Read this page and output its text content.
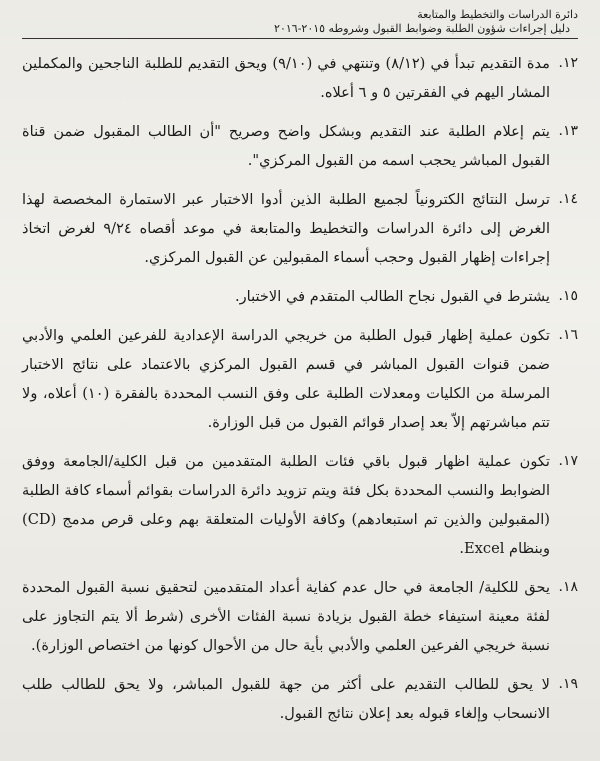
دليل إجراءات شؤون الطلبة وضوابط القبول وشروطه ٢٠١٥-٢٠١٦
دائرة الدراسات والتخطيط والمتابعة
١٢.
مدة التقديم تبدأ في (٨/١٢) وتنتهي في (٩/١٠) ويحق التقديم للطلبة الناجحين والمكملين المشار اليهم في الفقرتين ٥ و ٦ أعلاه.
١٣.
يتم إعلام الطلبة عند التقديم وبشكل واضح وصريح "أن الطالب المقبول ضمن قناة القبول المباشر يحجب اسمه من القبول المركزي".
١٤.
ترسل النتائج الكترونياً لجميع الطلبة الذين أدوا الاختبار عبر الاستمارة المخصصة لهذا الغرض إلى دائرة الدراسات والتخطيط والمتابعة في موعد أقصاه ٩/٢٤ لغرض اتخاذ إجراءات إظهار القبول وحجب أسماء المقبولين عن القبول المركزي.
١٥.
يشترط في القبول نجاح الطالب المتقدم في الاختبار.
١٦.
تكون عملية إظهار قبول الطلبة من خريجي الدراسة الإعدادية للفرعين العلمي والأدبي ضمن قنوات القبول المباشر في قسم القبول المركزي بالاعتماد على نتائج الاختبار المرسلة من الكليات ومعدلات الطلبة على وفق النسب المحددة بالفقرة (١٠) أعلاه، ولا تتم مباشرتهم إلاّ بعد إصدار قوائم القبول من قبل الوزارة.
١٧.
تكون عملية اظهار قبول باقي فئات الطلبة المتقدمين من قبل الكلية/الجامعة ووفق الضوابط والنسب المحددة بكل فئة ويتم تزويد دائرة الدراسات بقوائم أسماء كافة الطلبة (المقبولين والذين تم استبعادهم) وكافة الأوليات المتعلقة بهم وعلى قرص مدمج (CD) وبنظام Excel.
١٨.
يحق للكلية/ الجامعة في حال عدم كفاية أعداد المتقدمين لتحقيق نسبة القبول المحددة لفئة معينة استيفاء خطة القبول بزيادة نسبة الفئات الأخرى (شرط ألا يتم التجاوز على نسبة خريجي الفرعين العلمي والأدبي بأية حال من الأحوال كونها من اختصاص الوزارة).
١٩.
لا يحق للطالب التقديم على أكثر من جهة للقبول المباشر، ولا يحق للطالب طلب الانسحاب وإلغاء قبوله بعد إعلان نتائج القبول.
